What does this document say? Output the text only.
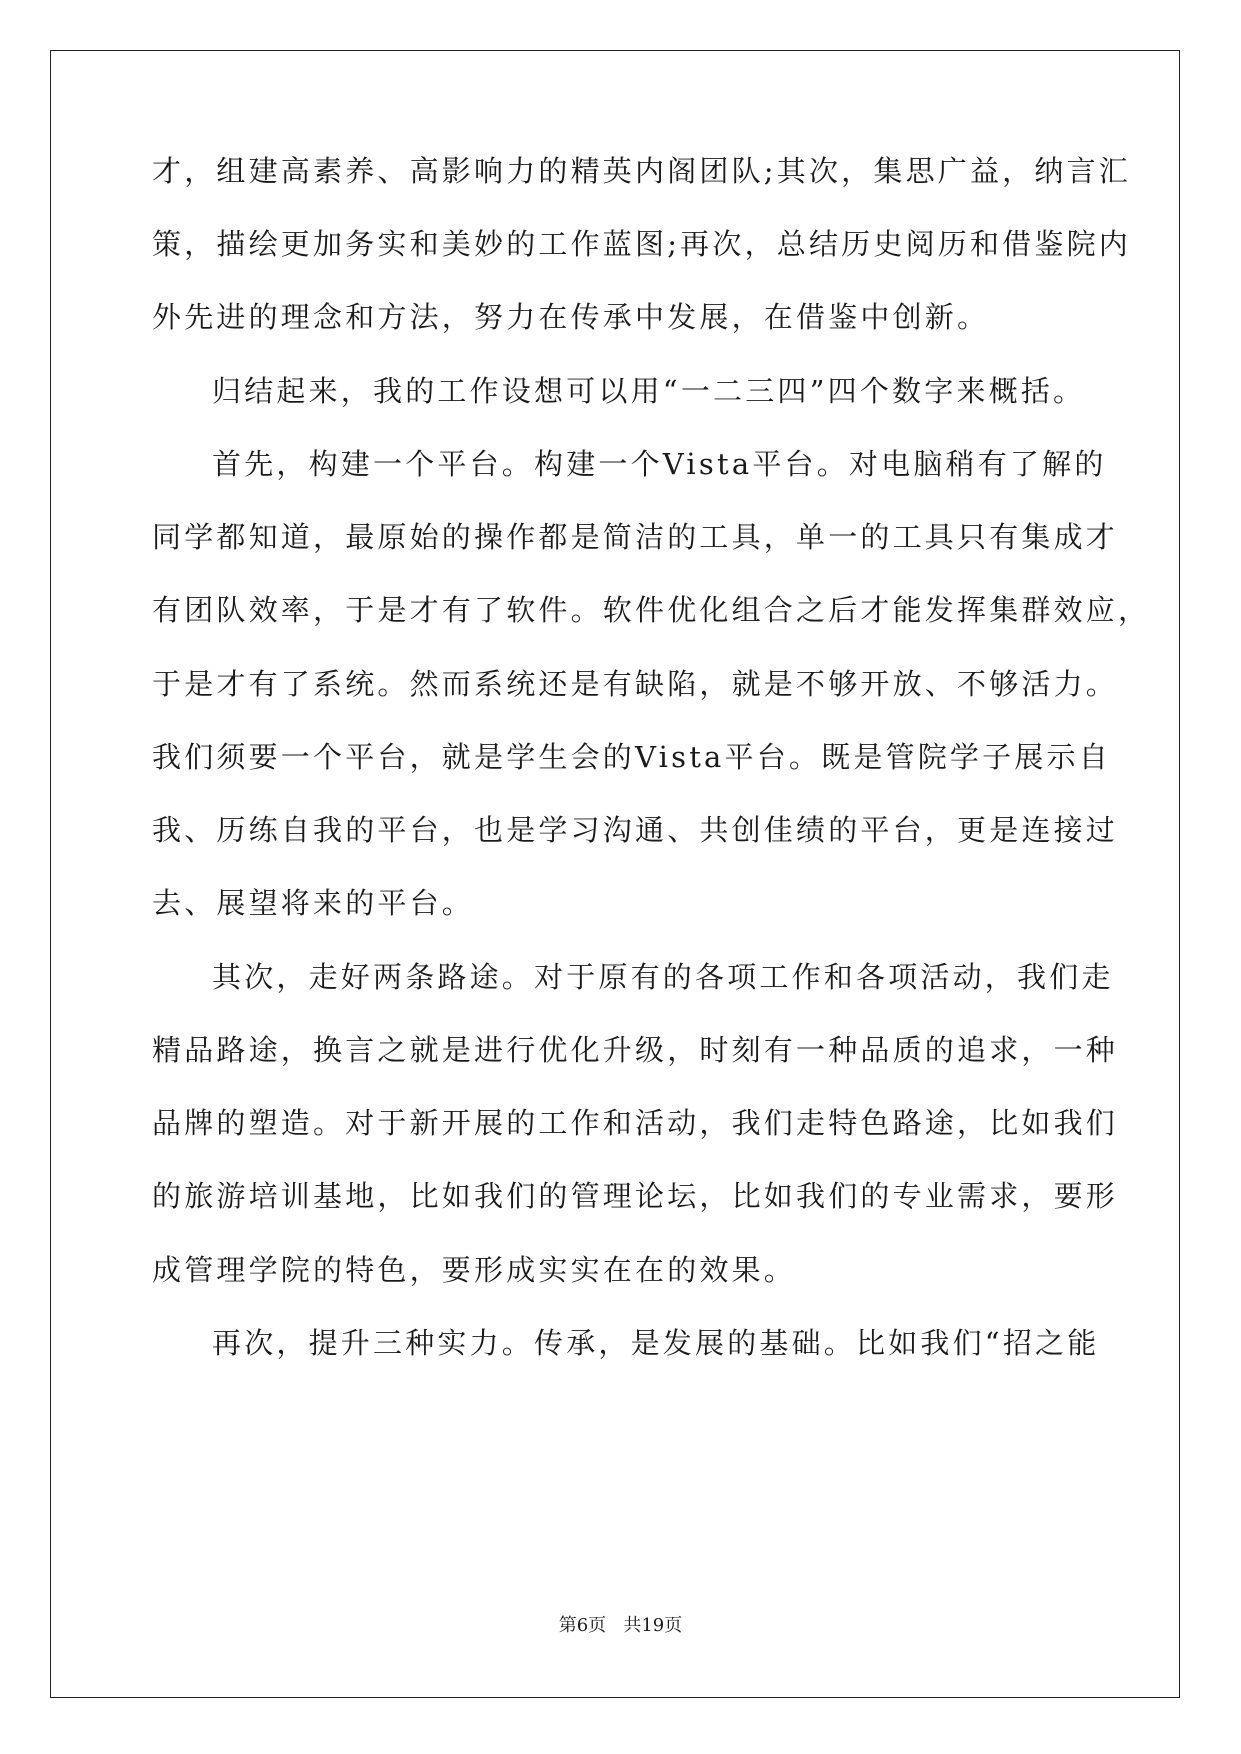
才，组建高素养、高影响力的精英内阁团队;其次，集思广益，纳言汇
策，描绘更加务实和美妙的工作蓝图;再次，总结历史阅历和借鉴院内
外先进的理念和方法，努力在传承中发展，在借鉴中创新。
归结起来，我的工作设想可以用“一二三四”四个数字来概括。
首先，构建一个平台。构建一个Vista平台。对电脑稍有了解的
同学都知道，最原始的操作都是简洁的工具，单一的工具只有集成才
有团队效率，于是才有了软件。软件优化组合之后才能发挥集群效应，
于是才有了系统。然而系统还是有缺陷，就是不够开放、不够活力。
我们须要一个平台，就是学生会的Vista平台。既是管院学子展示自
我、历练自我的平台，也是学习沟通、共创佳绩的平台，更是连接过
去、展望将来的平台。
其次，走好两条路途。对于原有的各项工作和各项活动，我们走
精品路途，换言之就是进行优化升级，时刻有一种品质的追求，一种
品牌的塑造。对于新开展的工作和活动，我们走特色路途，比如我们
的旅游培训基地，比如我们的管理论坛，比如我们的专业需求，要形
成管理学院的特色，要形成实实在在的效果。
再次，提升三种实力。传承，是发展的基础。比如我们“招之能
第6页   共19页
